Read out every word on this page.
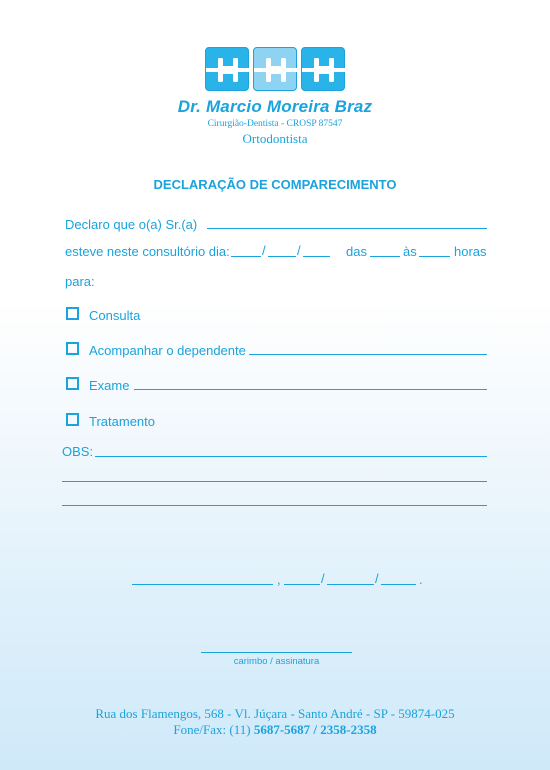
Dr. Marcio Moreira Braz
Cirurgião-Dentista - CROSP 87547
Ortodontista
DECLARAÇÃO DE COMPARECIMENTO
Declaro que o(a) Sr.(a)
esteve neste consultório dia: / /	das	às	horas
para:
Consulta
Acompanhar o dependente
Exame
Tratamento
OBS:
,	/	/	.
carimbo / assinatura
Rua dos Flamengos, 568 - Vl. Júçara - Santo André - SP - 59874-025
Fone/Fax: (11) 5687-5687 / 2358-2358
